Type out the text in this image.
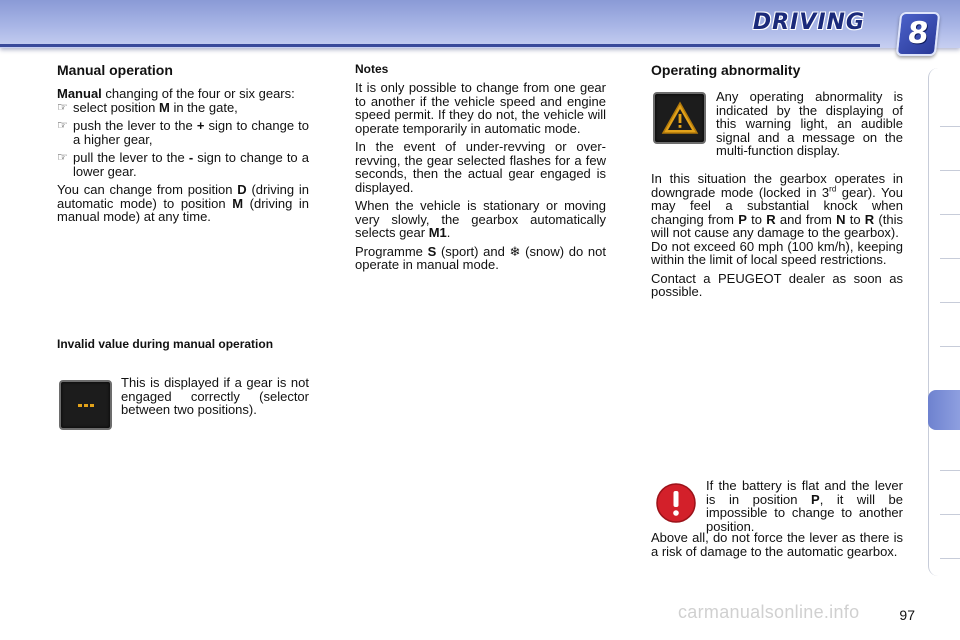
DRIVING 8
Manual operation

Manual changing of the four or six gears:

☞ select position M in the gate,
☞ push the lever to the + sign to change to a higher gear,
☞ pull the lever to the - sign to change to a lower gear.

You can change from position D (driving in automatic mode) to position M (driving in manual mode) at any time.

Invalid value during manual operation

This is displayed if a gear is not engaged correctly (selector between two positions).

Notes

It is only possible to change from one gear to another if the vehicle speed and engine speed permit. If they do not, the vehicle will operate temporarily in automatic mode.

In the event of under-revving or over-revving, the gear selected flashes for a few seconds, then the actual gear engaged is displayed.

When the vehicle is stationary or moving very slowly, the gearbox automatically selects gear M1.

Programme S (sport) and ❄ (snow) do not operate in manual mode.

Operating abnormality

Any operating abnormality is indicated by the displaying of this warning light, an audible signal and a message on the multi-function display.

In this situation the gearbox operates in downgrade mode (locked in 3rd gear). You may feel a substantial knock when changing from P to R and from N to R (this will not cause any damage to the gearbox).

Do not exceed 60 mph (100 km/h), keeping within the limit of local speed restrictions.

Contact a PEUGEOT dealer as soon as possible.

If the battery is flat and the lever is in position P, it will be impossible to change to another position.

Above all, do not force the lever as there is a risk of damage to the automatic gearbox.

carmanualsonline.info	97
